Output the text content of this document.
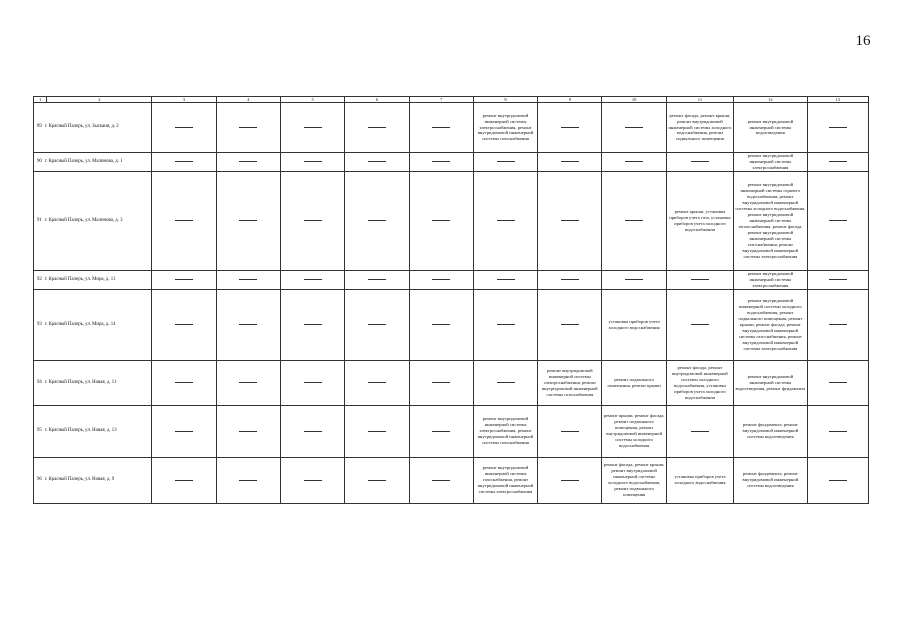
16
1	2	3	4	5	6	7	8	9	10	11	12	13
89 г. Красный Палерь, ул. Зыскаия, д. 2							ремонт внутридомовой инженерной системы электроснабжения, ремонт внутридомовой инженерной системы газоснабжения			ремонт фасада, ремонт крыши, ремонт внутридомовой инженерной системы холодного водоснабжения, ремонт подвального помещения	ремонт внутридомовой инженерной системы водоотведения	
90 г. Красный Палерь, ул. Малинова, д. 1											ремонт внутридомовой инженерной системы электроснабжения	
91 г. Красный Палерь, ул. Малинова, д. 3										ремонт крыши, установка приборов учета газа, установка приборов учета холодного водоснабжения	ремонт внутридомовой инженерной системы горячего водоснабжения, ремонт внутридомовой инженерной системы холодного водоснабжения, ремонт внутридомовой инженерной системы теплоснабжения, ремонт фасада, ремонт внутридомовой инженерной системы газоснабжения, ремонт внутридомовой инженерной системы электроснабжения	
92 г. Красный Палерь, ул. Мира, д. 11											ремонт внутридомовой инженерной системы электроснабжения	
93 г. Красный Палерь, ул. Мира, д. 14									установка приборов учета холодного водоснабжения		ремонт внутридомовой инженерной системы холодного водоснабжения, ремонт подвального помещения, ремонт крыши, ремонт фасада, ремонт внутридомовой инженерной системы газоснабжения, ремонт внутридомовой инженерной системы электроснабжения	
94 г. Красный Палерь, ул. Новая, д. 11								ремонт внутридомовой инженерной системы электроснабжения, ремонт внутридомовой инженерной системы газоснабжения	ремонт подвального помещения, ремонт крыши	ремонт фасада, ремонт внутридомовой инженерной системы холодного водоснабжения, установка приборов учета холодного водоснабжения	ремонт внутридомовой инженерной системы водоотведения, ремонт фундамента	
95 г. Красный Палерь, ул. Новая, д. 13							ремонт внутридомовой инженерной системы электроснабжения, ремонт внутридомовой инженерной системы газоснабжения		ремонт крыши, ремонт фасада, ремонт подвального помещения, ремонт внутридомовой инженерной системы холодного водоснабжения		ремонт фундамента, ремонт внутридомовой инженерной системы водоотведения	
96 г. Красный Палерь, ул. Новая, д. 9							ремонт внутридомовой инженерной системы газоснабжения, ремонт внутридомовой инженерной системы электроснабжения		ремонт фасада, ремонт крыши, ремонт внутридомовой инженерной системы холодного водоснабжения, ремонт подвального помещения	установка приборов учета холодного водоснабжения	ремонт фундамента, ремонт внутридомовой инженерной системы водоотведения	
